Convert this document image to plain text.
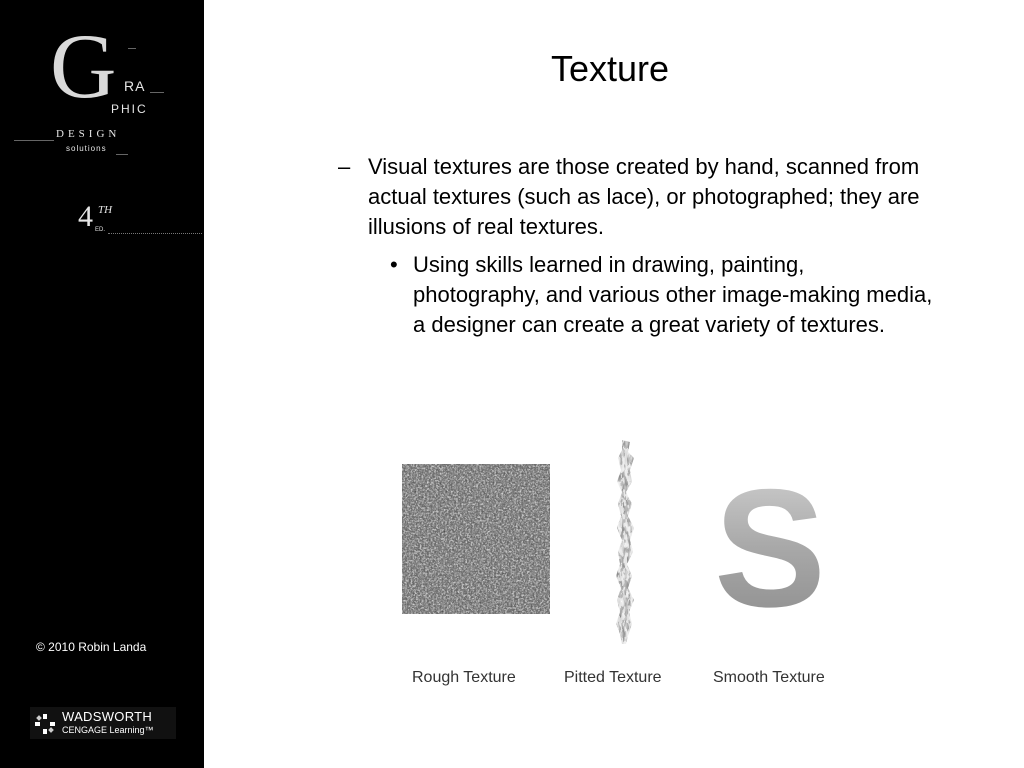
G RA
PHIC
DESIGN
solutions
4 TH
ED.
© 2010 Robin Landa
WADSWORTH
CENGAGE Learning™
Texture
– Visual textures are those created by hand, scanned from actual textures (such as lace), or photographed; they are illusions of real textures.
• Using skills learned in drawing, painting, photography, and various other image-making media, a designer can create a great variety of textures.
S
Rough Texture	Pitted Texture	Smooth Texture
